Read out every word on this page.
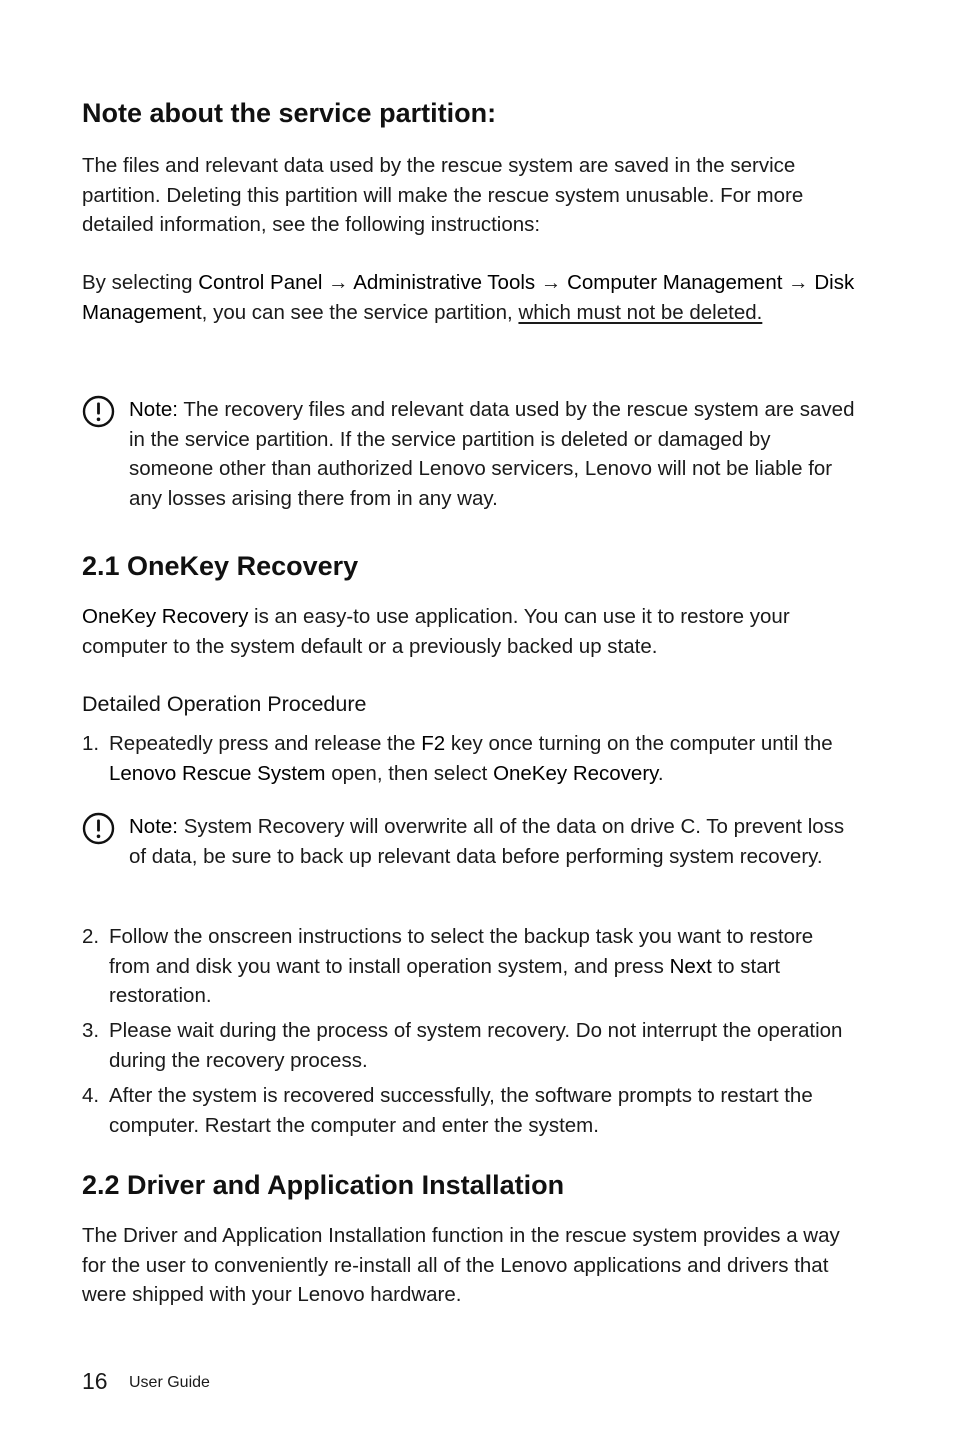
Note about the service partition:

The files and relevant data used by the rescue system are saved in the service partition. Deleting this partition will make the rescue system unusable. For more detailed information, see the following instructions:

By selecting Control Panel → Administrative Tools → Computer Management → Disk Management, you can see the service partition, which must not be deleted.

Note: The recovery files and relevant data used by the rescue system are saved in the service partition. If the service partition is deleted or damaged by someone other than authorized Lenovo servicers, Lenovo will not be liable for any losses arising there from in any way.

2.1 OneKey Recovery

OneKey Recovery is an easy-to use application. You can use it to restore your computer to the system default or a previously backed up state.

Detailed Operation Procedure
1. Repeatedly press and release the F2 key once turning on the computer until the Lenovo Rescue System open, then select OneKey Recovery.

Note: System Recovery will overwrite all of the data on drive C. To prevent loss of data, be sure to back up relevant data before performing system recovery.

2. Follow the onscreen instructions to select the backup task you want to restore from and disk you want to install operation system, and press Next to start restoration.
3. Please wait during the process of system recovery. Do not interrupt the operation during the recovery process.
4. After the system is recovered successfully, the software prompts to restart the computer. Restart the computer and enter the system.
2.2 Driver and Application Installation

The Driver and Application Installation function in the rescue system provides a way for the user to conveniently re-install all of the Lenovo applications and drivers that were shipped with your Lenovo hardware.

16 User Guide
